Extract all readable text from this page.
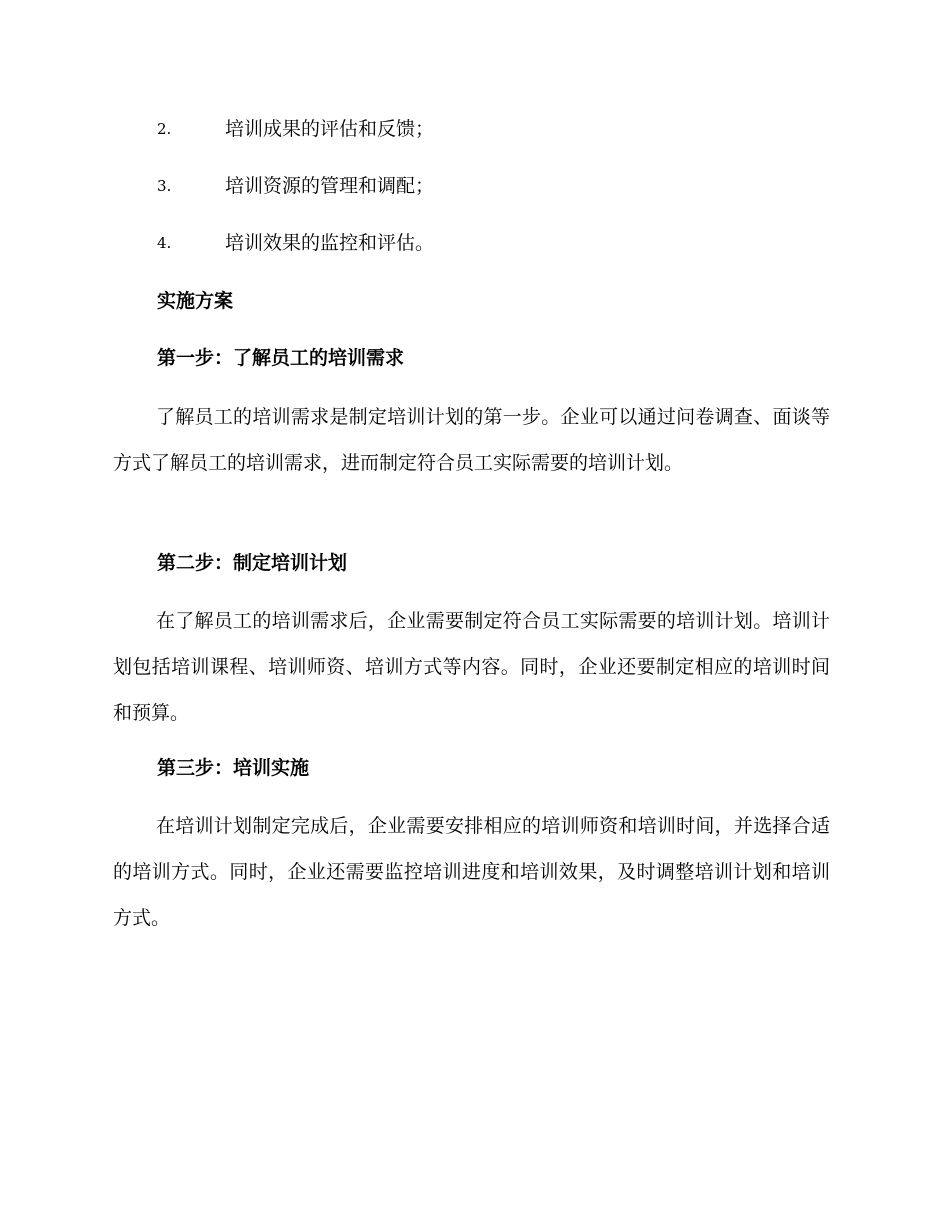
2.	培训成果的评估和反馈；
3.	培训资源的管理和调配；
4.	培训效果的监控和评估。
实施方案
第一步：了解员工的培训需求

了解员工的培训需求是制定培训计划的第一步。企业可以通过问卷调查、面谈等方式了解员工的培训需求，进而制定符合员工实际需要的培训计划。

第二步：制定培训计划

在了解员工的培训需求后，企业需要制定符合员工实际需要的培训计划。培训计划包括培训课程、培训师资、培训方式等内容。同时，企业还要制定相应的培训时间和预算。

第三步：培训实施

在培训计划制定完成后，企业需要安排相应的培训师资和培训时间，并选择合适的培训方式。同时，企业还需要监控培训进度和培训效果，及时调整培训计划和培训方式。
